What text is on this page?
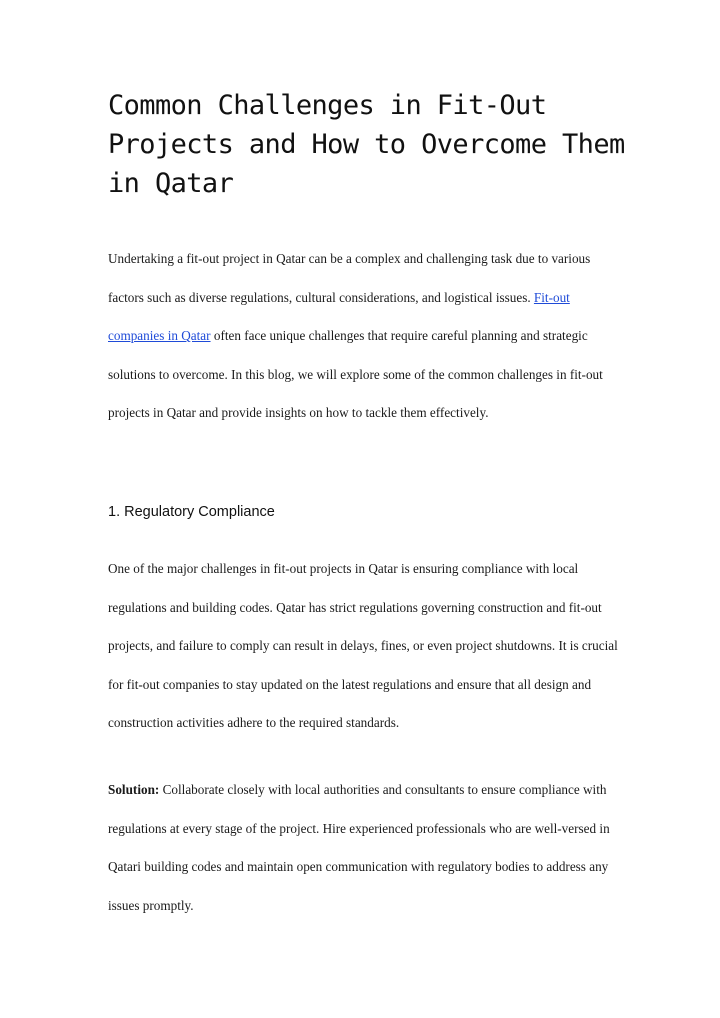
Common Challenges in Fit-Out Projects and How to Overcome Them in Qatar

Undertaking a fit-out project in Qatar can be a complex and challenging task due to various factors such as diverse regulations, cultural considerations, and logistical issues. Fit-out companies in Qatar often face unique challenges that require careful planning and strategic solutions to overcome. In this blog, we will explore some of the common challenges in fit-out projects in Qatar and provide insights on how to tackle them effectively.

1. Regulatory Compliance

One of the major challenges in fit-out projects in Qatar is ensuring compliance with local regulations and building codes. Qatar has strict regulations governing construction and fit-out projects, and failure to comply can result in delays, fines, or even project shutdowns. It is crucial for fit-out companies to stay updated on the latest regulations and ensure that all design and construction activities adhere to the required standards.

Solution: Collaborate closely with local authorities and consultants to ensure compliance with regulations at every stage of the project. Hire experienced professionals who are well-versed in Qatari building codes and maintain open communication with regulatory bodies to address any issues promptly.
